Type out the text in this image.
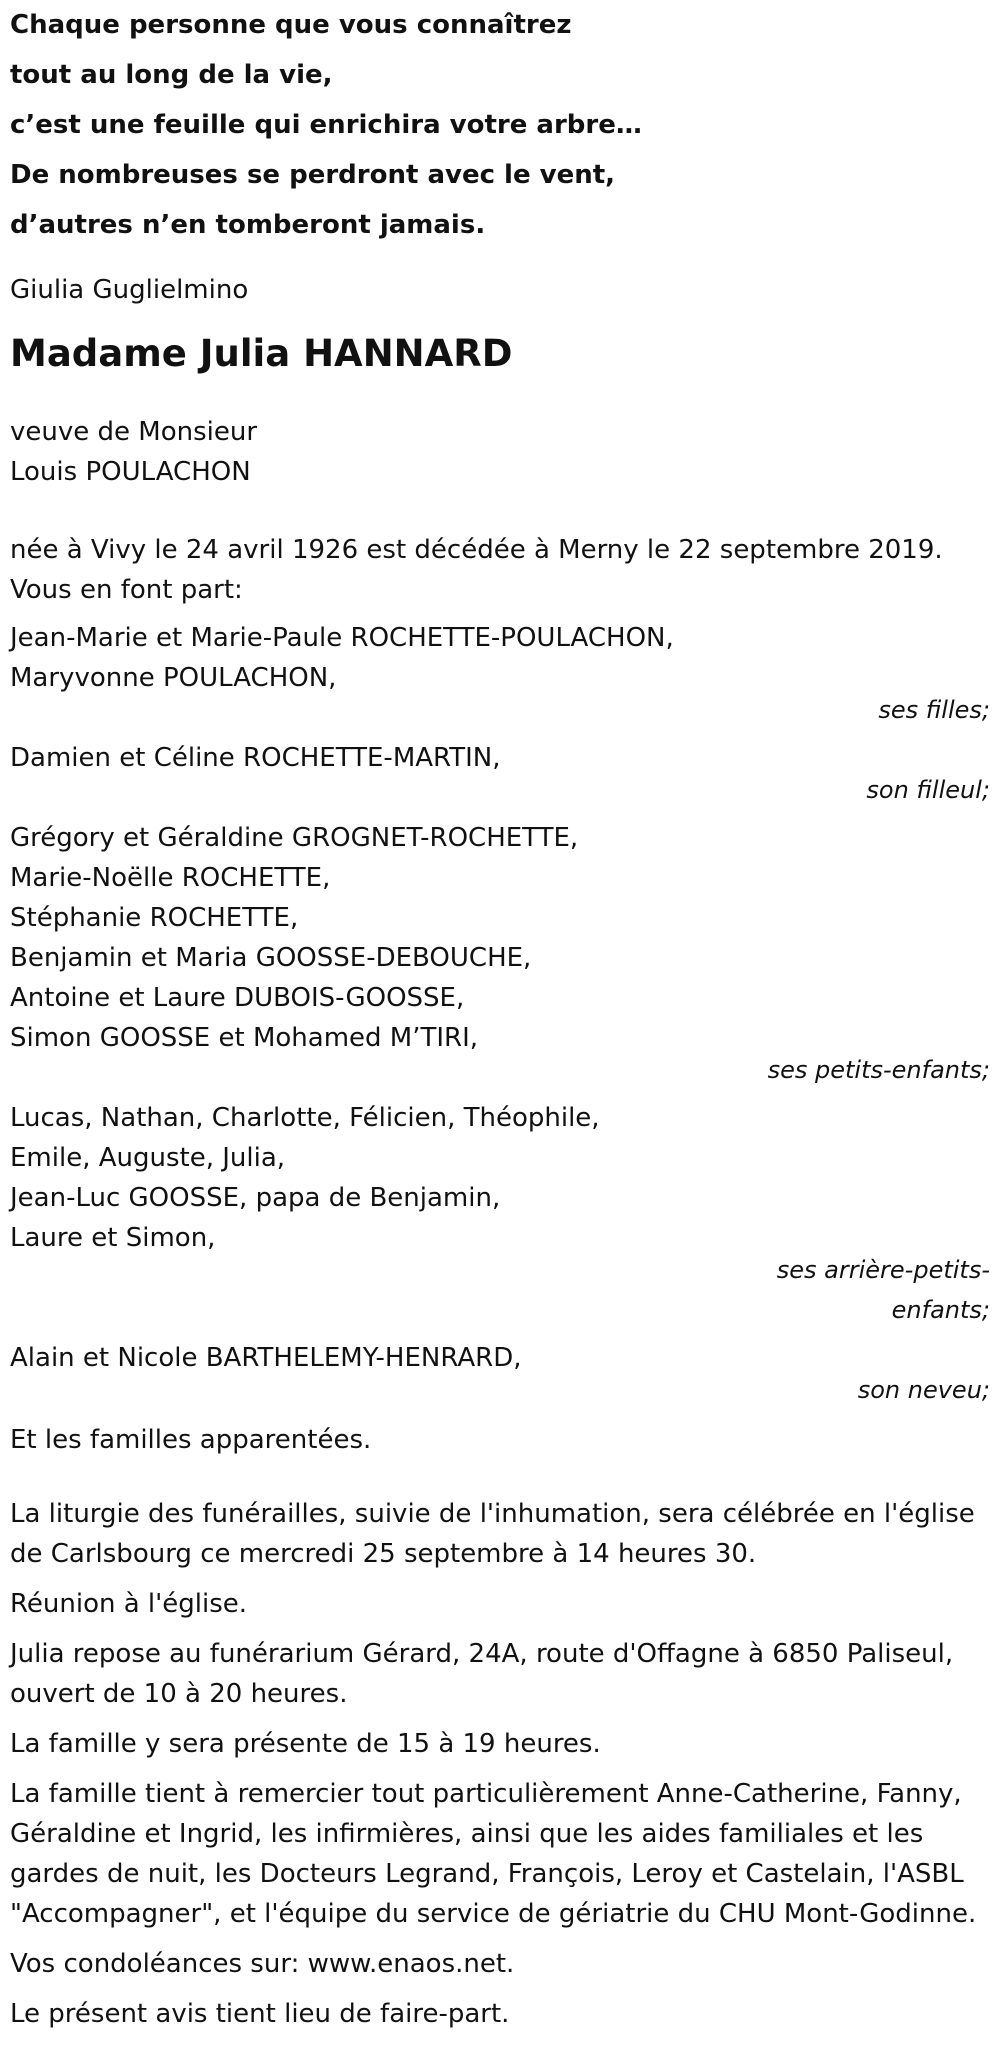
Chaque personne que vous connaîtrez

tout au long de la vie,

c’est une feuille qui enrichira votre arbre…

De nombreuses se perdront avec le vent,

d’autres n’en tomberont jamais.

Giulia Guglielmino
Madame Julia HANNARD

veuve de Monsieur

Louis POULACHON

née à Vivy le 24 avril 1926 est décédée à Merny le 22 septembre 2019.

Vous en font part:

Jean-Marie et Marie-Paule ROCHETTE-POULACHON,

Maryvonne POULACHON,

ses filles;

Damien et Céline ROCHETTE-MARTIN,

son filleul;

Grégory et Géraldine GROGNET-ROCHETTE,

Marie-Noëlle ROCHETTE,

Stéphanie ROCHETTE,

Benjamin et Maria GOOSSE-DEBOUCHE,

Antoine et Laure DUBOIS-GOOSSE,

Simon GOOSSE et Mohamed M’TIRI,

ses petits-enfants;

Lucas, Nathan, Charlotte, Félicien, Théophile,

Emile, Auguste, Julia,

Jean-Luc GOOSSE, papa de Benjamin,

Laure et Simon,

ses arrière-petits-enfants;

Alain et Nicole BARTHELEMY-HENRARD,

son neveu;

Et les familles apparentées.

La liturgie des funérailles, suivie de l'inhumation, sera célébrée en l'église de Carlsbourg ce mercredi 25 septembre à 14 heures 30.

Réunion à l'église.

Julia repose au funérarium Gérard, 24A, route d'Offagne à 6850 Paliseul, ouvert de 10 à 20 heures.

La famille y sera présente de 15 à 19 heures.

La famille tient à remercier tout particulièrement Anne-Catherine, Fanny, Géraldine et Ingrid, les infirmières, ainsi que les aides familiales et les gardes de nuit, les Docteurs Legrand, François, Leroy et Castelain, l'ASBL "Accompagner", et l'équipe du service de gériatrie du CHU Mont-Godinne.

Vos condoléances sur: www.enaos.net.

Le présent avis tient lieu de faire-part.
